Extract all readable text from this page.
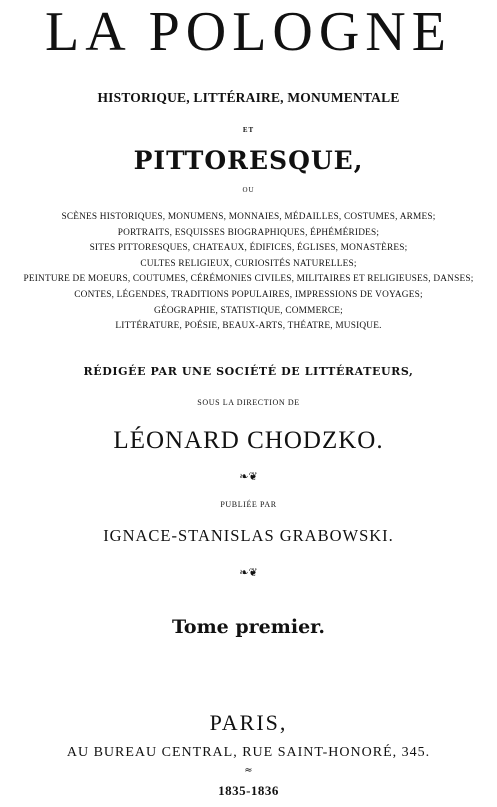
LA POLOGNE
HISTORIQUE, LITTÉRAIRE, MONUMENTALE
ET
PITTORESQUE,
OU
SCÈNES HISTORIQUES, MONUMENS, MONNAIES, MÉDAILLES, COSTUMES, ARMES;
PORTRAITS, ESQUISSES BIOGRAPHIQUES, ÉPHÉMÉRIDES;
SITES PITTORESQUES, CHATEAUX, ÉDIFICES, ÉGLISES, MONASTÈRES;
CULTES RELIGIEUX, CURIOSITÉS NATURELLES;
PEINTURE DE MOEURS, COUTUMES, CÉRÉMONIES CIVILES, MILITAIRES ET RELIGIEUSES, DANSES;
CONTES, LÉGENDES, TRADITIONS POPULAIRES, IMPRESSIONS DE VOYAGES;
GÉOGRAPHIE, STATISTIQUE, COMMERCE;
LITTÉRATURE, POÉSIE, BEAUX-ARTS, THÉATRE, MUSIQUE.
RÉDIGÉE PAR UNE SOCIÉTÉ DE LITTÉRATEURS,
SOUS LA DIRECTION DE
LÉONARD CHODZKO.
❧❦
PUBLIÉE PAR
IGNACE-STANISLAS GRABOWSKI.
❧❦
Tome premier.
PARIS,
AU BUREAU CENTRAL, RUE SAINT-HONORÉ, 345.
≈
1835-1836
